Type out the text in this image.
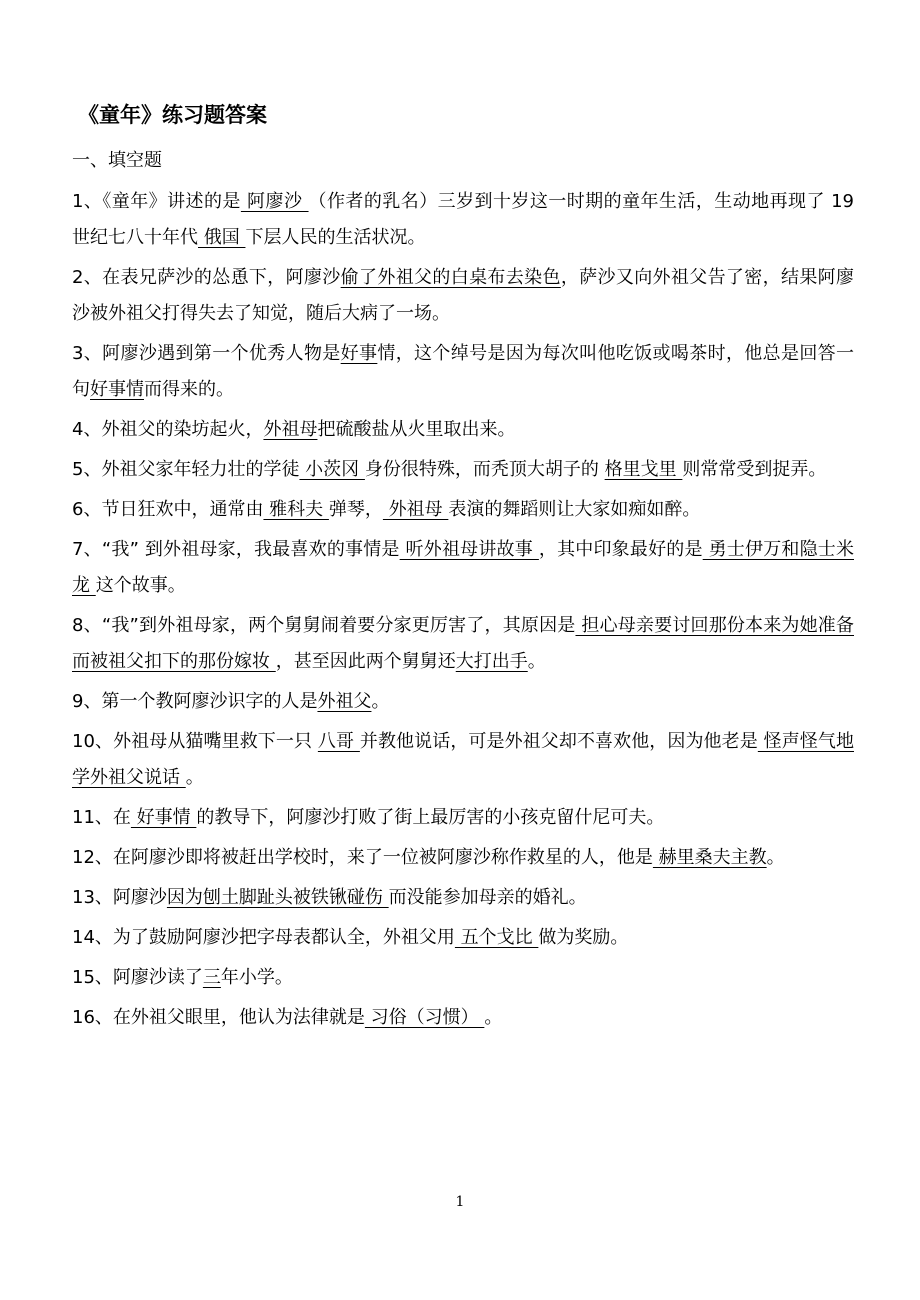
《童年》练习题答案
一、填空题
1、《童年》讲述的是 阿廖沙 （作者的乳名）三岁到十岁这一时期的童年生活，生动地再现了 19 世纪七八十年代 俄国 下层人民的生活状况。
2、在表兄萨沙的怂恿下，阿廖沙偷了外祖父的白桌布去染色，萨沙又向外祖父告了密，结果阿廖沙被外祖父打得失去了知觉，随后大病了一场。
3、阿廖沙遇到第一个优秀人物是好事情，这个绰号是因为每次叫他吃饭或喝茶时，他总是回答一句好事情而得来的。
4、外祖父的染坊起火，外祖母把硫酸盐从火里取出来。
5、外祖父家年轻力壮的学徒 小茨冈 身份很特殊，而秃顶大胡子的 格里戈里 则常常受到捉弄。
6、节日狂欢中，通常由 雅科夫 弹琴， 外祖母 表演的舞蹈则让大家如痴如醉。
7、“我” 到外祖母家，我最喜欢的事情是 听外祖母讲故事 ，其中印象最好的是 勇士伊万和隐士米龙 这个故事。
8、“我”到外祖母家，两个舅舅闹着要分家更厉害了，其原因是 担心母亲要讨回那份本来为她准备而被祖父扣下的那份嫁妆 ，甚至因此两个舅舅还大打出手。
9、第一个教阿廖沙识字的人是外祖父。
10、外祖母从猫嘴里救下一只 八哥 并教他说话，可是外祖父却不喜欢他，因为他老是 怪声怪气地学外祖父说话 。
11、在 好事情 的教导下，阿廖沙打败了街上最厉害的小孩克留什尼可夫。
12、在阿廖沙即将被赶出学校时，来了一位被阿廖沙称作救星的人，他是 赫里桑夫主教。
13、阿廖沙因为刨土脚趾头被铁锹碰伤 而没能参加母亲的婚礼。
14、为了鼓励阿廖沙把字母表都认全，外祖父用 五个戈比 做为奖励。
15、阿廖沙读了三年小学。
16、在外祖父眼里，他认为法律就是 习俗（习惯） 。
1
